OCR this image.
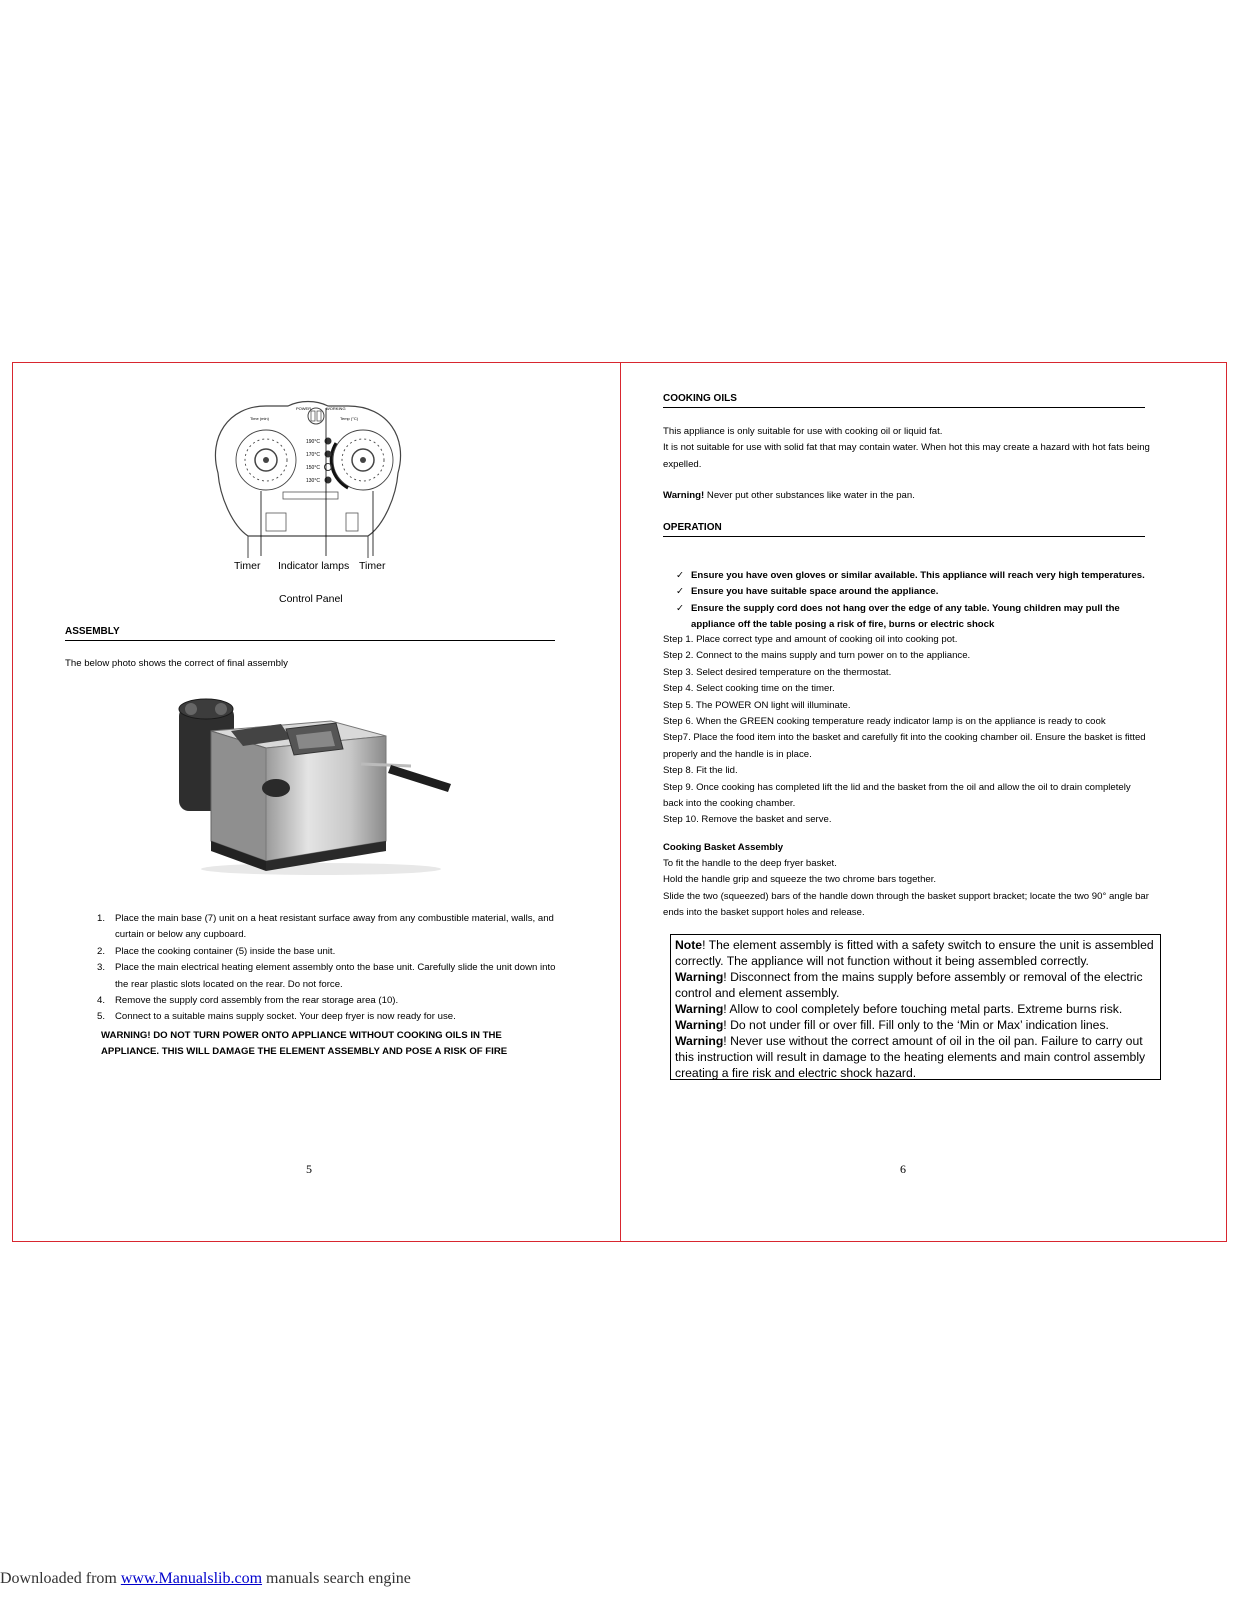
POWER	WORKING
Time (min)	Temp (°C)
190°C
170°C
150°C
130°C
Timer Indicator lamps Timer
Control Panel
ASSEMBLY
The below photo shows the correct of final assembly
1. Place the main base (7) unit on a heat resistant surface away from any combustible material, walls, and curtain or below any cupboard.
2. Place the cooking container (5) inside the base unit.
3. Place the main electrical heating element assembly onto the base unit. Carefully slide the unit down into the rear plastic slots located on the rear. Do not force.
4. Remove the supply cord assembly from the rear storage area (10).
5. Connect to a suitable mains supply socket. Your deep fryer is now ready for use.
WARNING! DO NOT TURN POWER ONTO APPLIANCE WITHOUT COOKING OILS IN THE APPLIANCE. THIS WILL DAMAGE THE ELEMENT ASSEMBLY AND POSE A RISK OF FIRE
5
COOKING OILS
This appliance is only suitable for use with cooking oil or liquid fat.
It is not suitable for use with solid fat that may contain water. When hot this may create a hazard with hot fats being expelled.
Warning! Never put other substances like water in the pan.
OPERATION
✓ Ensure you have oven gloves or similar available. This appliance will reach very high temperatures.
✓ Ensure you have suitable space around the appliance.
✓ Ensure the supply cord does not hang over the edge of any table. Young children may pull the appliance off the table posing a risk of fire, burns or electric shock
Step 1. Place correct type and amount of cooking oil into cooking pot.
Step 2. Connect to the mains supply and turn power on to the appliance.
Step 3. Select desired temperature on the thermostat.
Step 4. Select cooking time on the timer.
Step 5. The POWER ON light will illuminate.
Step 6. When the GREEN cooking temperature ready indicator lamp is on the appliance is ready to cook
Step7. Place the food item into the basket and carefully fit into the cooking chamber oil. Ensure the basket is fitted properly and the handle is in place.
Step 8. Fit the lid.
Step 9. Once cooking has completed lift the lid and the basket from the oil and allow the oil to drain completely back into the cooking chamber.
Step 10. Remove the basket and serve.
Cooking Basket Assembly
To fit the handle to the deep fryer basket.
Hold the handle grip and squeeze the two chrome bars together.
Slide the two (squeezed) bars of the handle down through the basket support bracket; locate the two 90° angle bar ends into the basket support holes and release.
Note! The element assembly is fitted with a safety switch to ensure the unit is assembled correctly. The appliance will not function without it being assembled correctly.
Warning! Disconnect from the mains supply before assembly or removal of the electric control and element assembly.
Warning! Allow to cool completely before touching metal parts. Extreme burns risk.
Warning! Do not under fill or over fill. Fill only to the ‘Min or Max’ indication lines.
Warning! Never use without the correct amount of oil in the oil pan. Failure to carry out this instruction will result in damage to the heating elements and main control assembly creating a fire risk and electric shock hazard.
6
Downloaded from www.Manualslib.com manuals search engine
